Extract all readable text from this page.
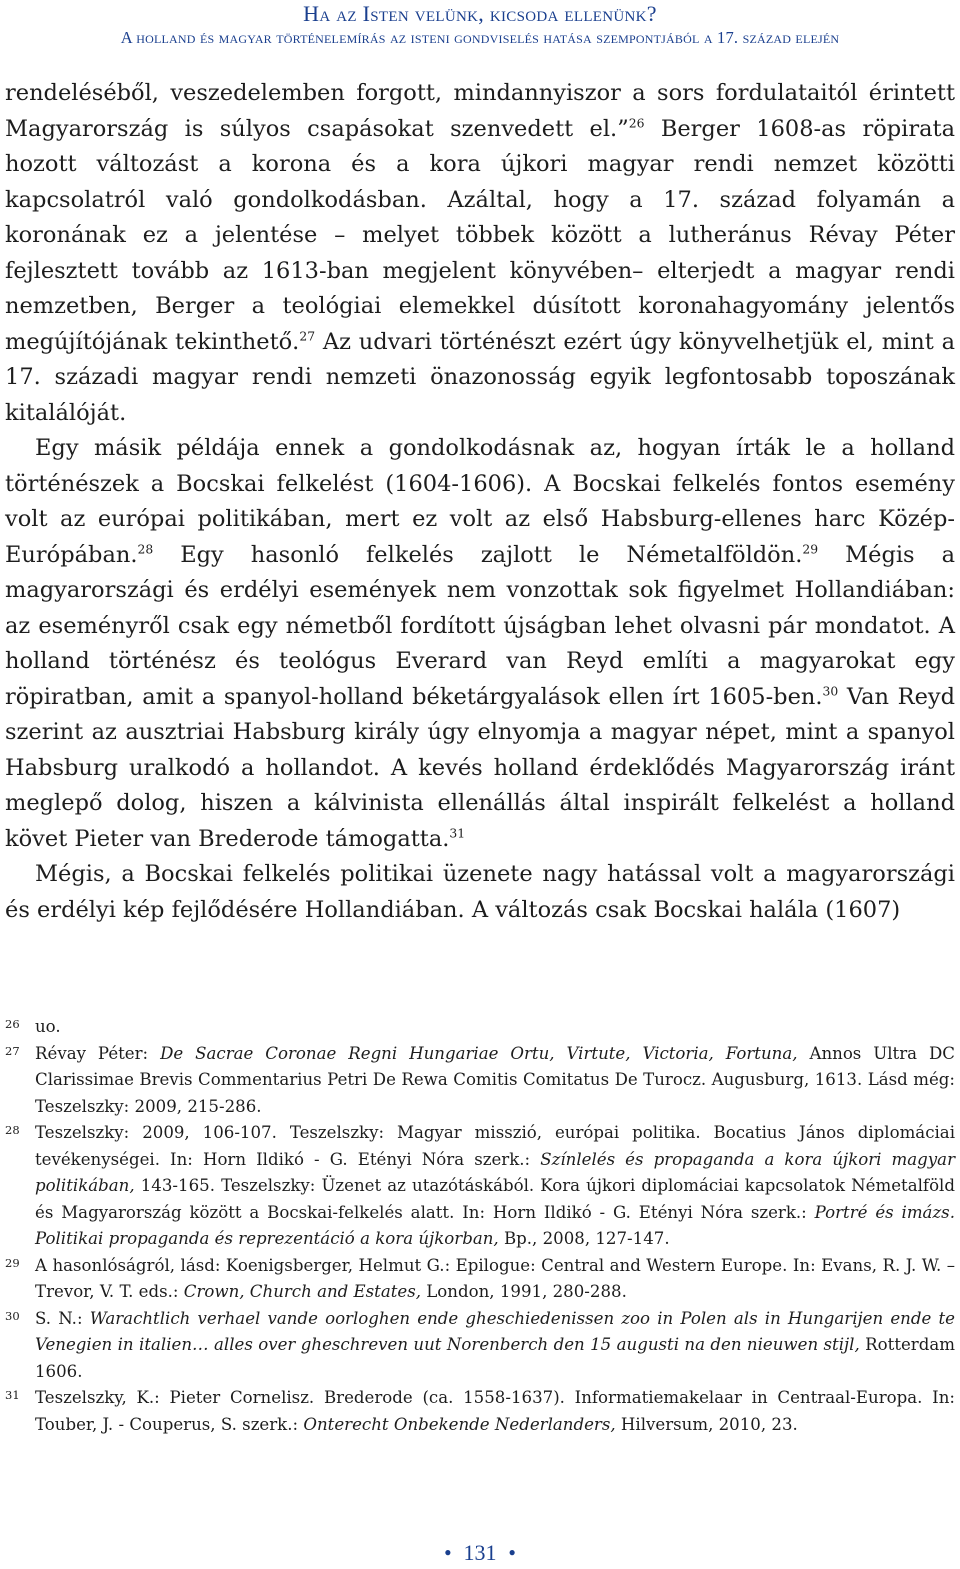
Ha az Isten velünk, kicsoda ellenünk?
A holland és magyar történelemírás az isteni gondviselés hatása szempontjából a 17. század elején

rendeléséből, veszedelemben forgott, mindannyiszor a sors fordulataitól érintett Magyarország is súlyos csapásokat szenvedett el.”$^{26}$ Berger 1608-as röpirata hozott változást a korona és a kora újkori magyar rendi nemzet közötti kapcsolatról való gondolkodásban. Azáltal, hogy a 17. század folyamán a koronának ez a jelentése – melyet többek között a lutheránus Révay Péter fejlesztett tovább az 1613-ban megjelent könyvében– elterjedt a magyar rendi nemzetben, Berger a teológiai elemekkel dúsított koronahagyomány jelentős megújítójának tekinthető.$^{27}$ Az udvari történészt ezért úgy könyvelhetjük el, mint a 17. századi magyar rendi nemzeti önazonosság egyik legfontosabb toposzának kitalálóját.

Egy másik példája ennek a gondolkodásnak az, hogyan írták le a holland történészek a Bocskai felkelést (1604-1606). A Bocskai felkelés fontos esemény volt az európai politikában, mert ez volt az első Habsburg-ellenes harc Közép-Európában.$^{28}$ Egy hasonló felkelés zajlott le Németalföldön.$^{29}$ Mégis a magyarországi és erdélyi események nem vonzottak sok figyelmet Hollandiában: az eseményről csak egy németből fordított újságban lehet olvasni pár mondatot. A holland történész és teológus Everard van Reyd említi a magyarokat egy röpiratban, amit a spanyol-holland béketárgyalások ellen írt 1605-ben.$^{30}$ Van Reyd szerint az ausztriai Habsburg király úgy elnyomja a magyar népet, mint a spanyol Habsburg uralkodó a hollandot. A kevés holland érdeklődés Magyarország iránt meglepő dolog, hiszen a kálvinista ellenállás által inspirált felkelést a holland követ Pieter van Brederode támogatta.$^{31}$

Mégis, a Bocskai felkelés politikai üzenete nagy hatással volt a magyarországi és erdélyi kép fejlődésére Hollandiában. A változás csak Bocskai halála (1607)

26 uo.
27 Révay Péter: De Sacrae Coronae Regni Hungariae Ortu, Virtute, Victoria, Fortuna, Annos Ultra DC Clarissimae Brevis Commentarius Petri De Rewa Comitis Comitatus De Turocz. Augusburg, 1613. Lásd még: Teszelszky: 2009, 215-286.
28 Teszelszky: 2009, 106-107. Teszelszky: Magyar misszió, európai politika. Bocatius János diplomáciai tevékenységei. In: Horn Ildikó - G. Etényi Nóra szerk.: Színlelés és propaganda a kora újkori magyar politikában, 143-165. Teszelszky: Üzenet az utazótáskából. Kora újkori diplomáciai kapcsolatok Németalföld és Magyarország között a Bocskai-felkelés alatt. In: Horn Ildikó - G. Etényi Nóra szerk.: Portré és imázs. Politikai propaganda és reprezentáció a kora újkorban, Bp., 2008, 127-147.
29 A hasonlóságról, lásd: Koenigsberger, Helmut G.: Epilogue: Central and Western Europe. In: Evans, R. J. W. –Trevor, V. T. eds.: Crown, Church and Estates, London, 1991, 280-288.
30 S. N.: Warachtlich verhael vande oorloghen ende gheschiedenissen zoo in Polen als in Hungarijen ende te Venegien in italien… alles over gheschreven uut Norenberch den 15 augusti na den nieuwen stijl, Rotterdam 1606.
31 Teszelszky, K.: Pieter Cornelisz. Brederode (ca. 1558-1637). Informatiemakelaar in Centraal-Europa. In: Touber, J. - Couperus, S. szerk.: Onterecht Onbekende Nederlanders, Hilversum, 2010, 23.
● 131 ●
